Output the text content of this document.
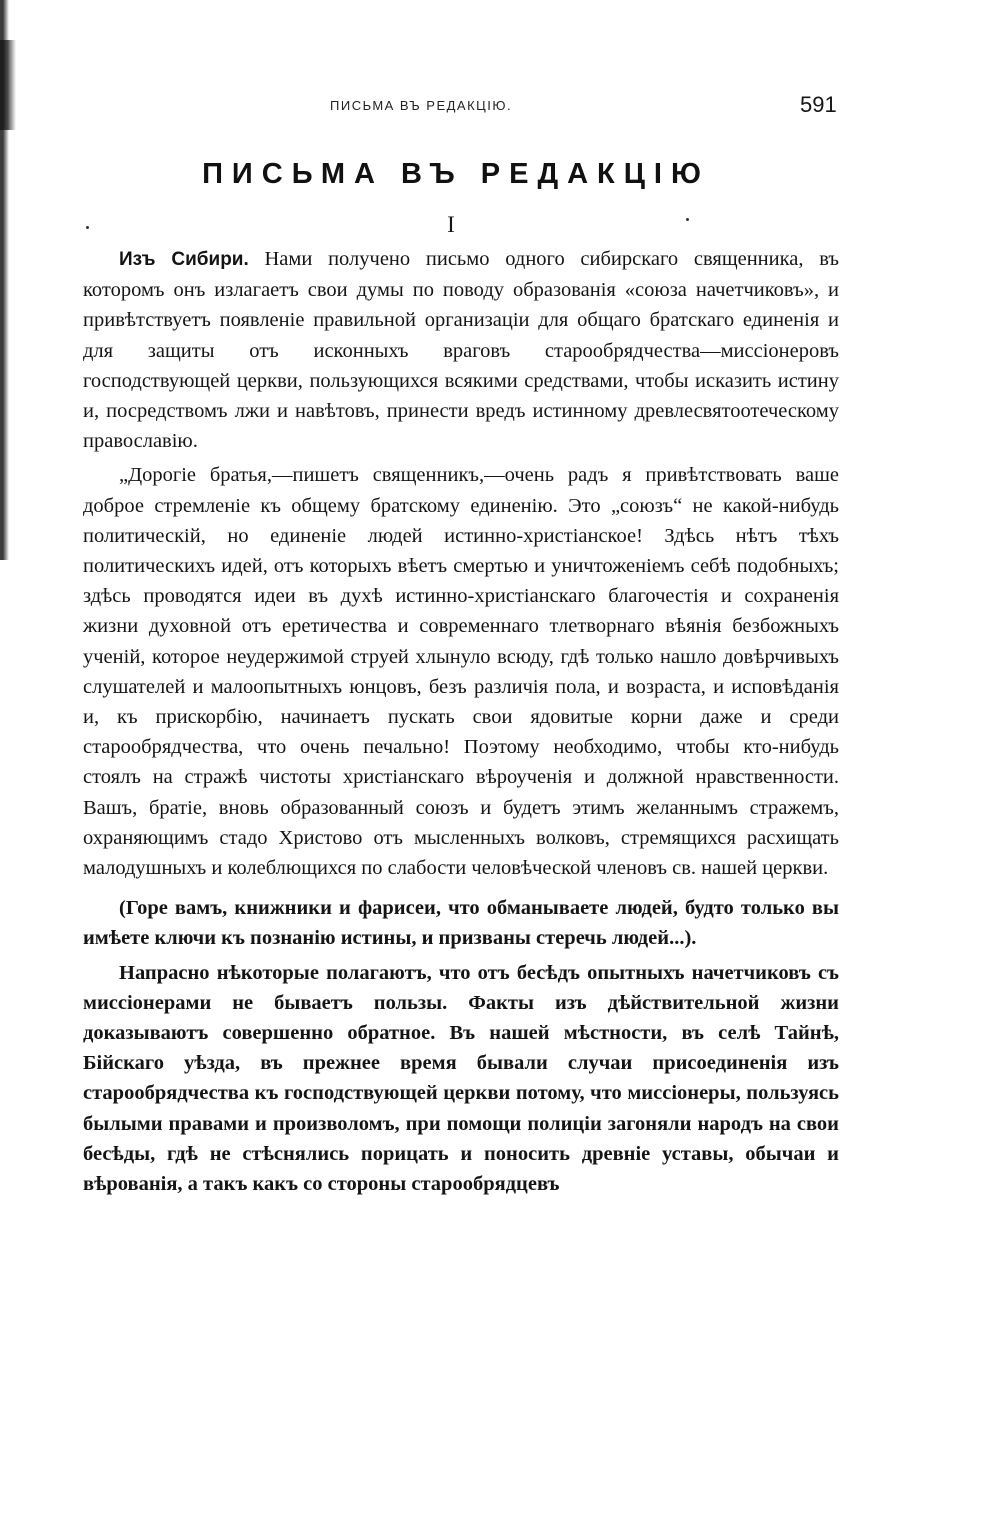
ПИСЬМА ВЪ РЕДАКЦІЮ.	591
ПИСЬМА ВЪ РЕДАКЦІЮ
I

Изъ Сибири. Нами получено письмо одного сибирскаго священника, въ которомъ онъ излагаетъ свои думы по поводу образованія «союза начетчиковъ», и привѣтствуетъ появленіе правильной организаціи для общаго братскаго единенія и для защиты отъ исконныхъ враговъ старообрядчества—миссіонеровъ господствующей церкви, пользующихся всякими средствами, чтобы исказить истину и, посредствомъ лжи и навѣтовъ, принести вредъ истинному древлесвятоотеческому православію.

„Дорогіе братья,—пишетъ священникъ,—очень радъ я привѣтствовать ваше доброе стремленіе къ общему братскому единенію. Это „союзъ“ не какой-нибудь политическій, но единеніе людей истинно-христіанское! Здѣсь нѣтъ тѣхъ политическихъ идей, отъ которыхъ вѣетъ смертью и уничтоженіемъ себѣ подобныхъ; здѣсь проводятся идеи въ духѣ истинно-христіанскаго благочестія и сохраненія жизни духовной отъ еретичества и современнаго тлетворнаго вѣянія безбожныхъ ученій, которое неудержимой струей хлынуло всюду, гдѣ только нашло довѣрчивыхъ слушателей и малоопытныхъ юнцовъ, безъ различія пола, и возраста, и исповѣданія и, къ прискорбію, начинаетъ пускать свои ядовитые корни даже и среди старообрядчества, что очень печально! Поэтому необходимо, чтобы кто-нибудь стоялъ на стражѣ чистоты христіанскаго вѣроученія и должной нравственности. Вашъ, братіе, вновь образованный союзъ и будетъ этимъ желаннымъ стражемъ, охраняющимъ стадо Христово отъ мысленныхъ волковъ, стремящихся расхищать малодушныхъ и колеблющихся по слабости человѣческой членовъ св. нашей церкви.

(Горе вамъ, книжники и фарисеи, что обманываете людей, будто только вы имѣете ключи къ познанію истины, и призваны стеречь людей...).

Напрасно нѣкоторые полагаютъ, что отъ бесѣдъ опытныхъ начетчиковъ съ миссіонерами не бываетъ пользы. Факты изъ дѣйствительной жизни доказываютъ совершенно обратное. Въ нашей мѣстности, въ селѣ Тайнѣ, Бійскаго уѣзда, въ прежнее время бывали случаи присоединенія изъ старообрядчества къ господствующей церкви потому, что миссіонеры, пользуясь былыми правами и произволомъ, при помощи полиціи загоняли народъ на свои бесѣды, гдѣ не стѣснялись порицать и поносить древніе уставы, обычаи и вѣрованія, а такъ какъ со стороны старообрядцевъ
